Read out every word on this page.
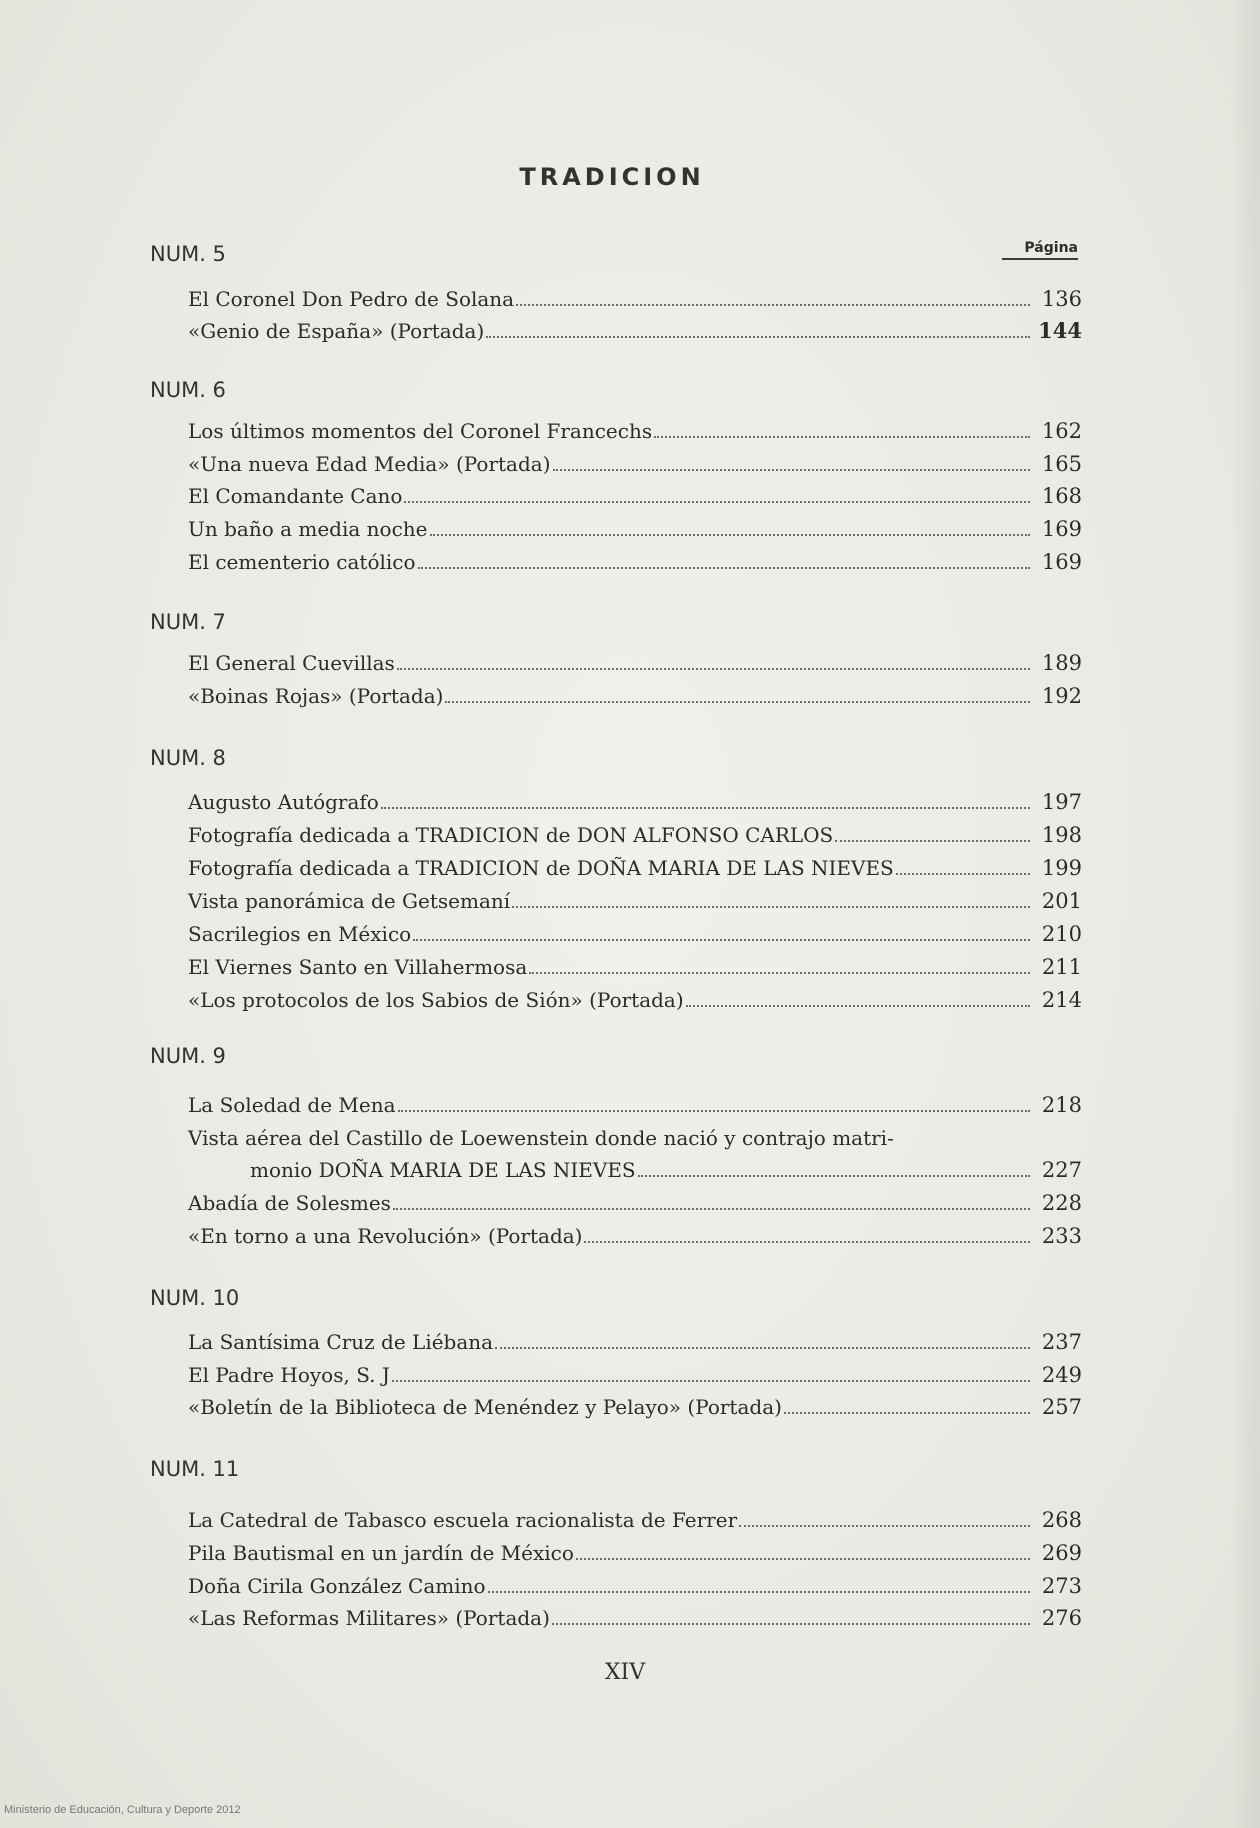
TRADICION
Página
NUM. 5
El Coronel Don Pedro de Solana	136
«Genio de España» (Portada)	144
NUM. 6
Los últimos momentos del Coronel Francechs	162
«Una nueva Edad Media» (Portada)	165
El Comandante Cano	168
Un baño a media noche	169
El cementerio católico	169
NUM. 7
El General Cuevillas	189
«Boinas Rojas» (Portada)	192
NUM. 8
Augusto Autógrafo	197
Fotografía dedicada a TRADICION de DON ALFONSO CARLOS	198
Fotografía dedicada a TRADICION de DOÑA MARIA DE LAS NIEVES	199
Vista panorámica de Getsemaní	201
Sacrilegios en México	210
El Viernes Santo en Villahermosa	211
«Los protocolos de los Sabios de Sión» (Portada)	214
NUM. 9
La Soledad de Mena	218
Vista aérea del Castillo de Loewenstein donde nació y contrajo matri-
monio DOÑA MARIA DE LAS NIEVES	227
Abadía de Solesmes	228
«En torno a una Revolución» (Portada)	233
NUM. 10
La Santísima Cruz de Liébana	237
El Padre Hoyos, S. J	249
«Boletín de la Biblioteca de Menéndez y Pelayo» (Portada)	257
NUM. 11
La Catedral de Tabasco escuela racionalista de Ferrer	268
Pila Bautismal en un jardín de México	269
Doña Cirila González Camino	273
«Las Reformas Militares» (Portada)	276
XIV
Ministerio de Educación, Cultura y Deporte 2012
